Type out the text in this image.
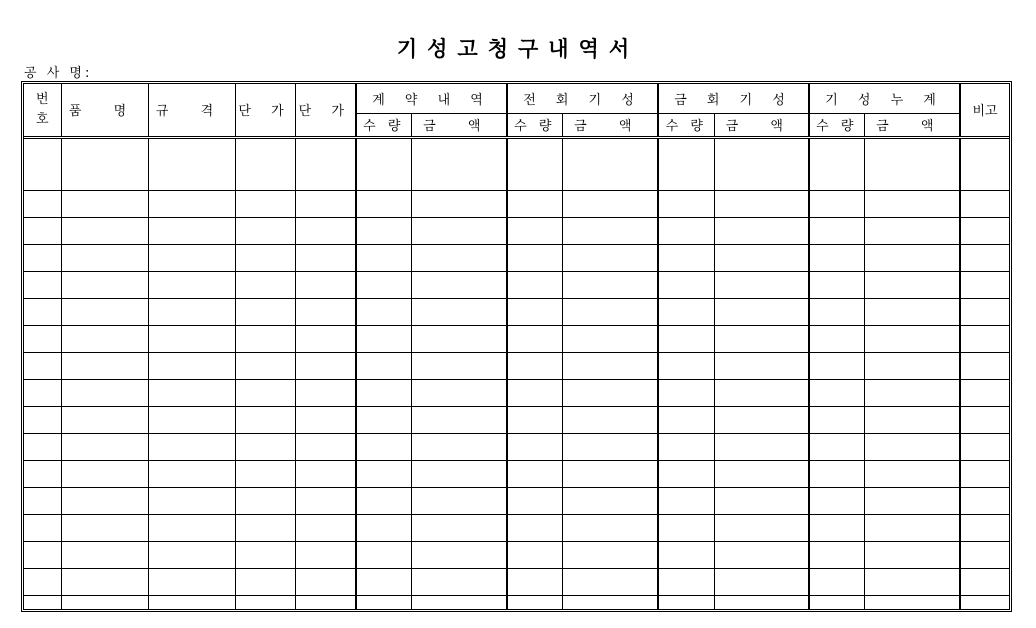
기성고청구내역서
공 사 명:
번
호	품 명	규 격	단 가	단 가	계 약 내 역		전 회 기 성		금 회 기 성		기 성 누 계		비고
					수 량	금 액	수 량	금 액	수 량	금 액	수 량	금 액	
